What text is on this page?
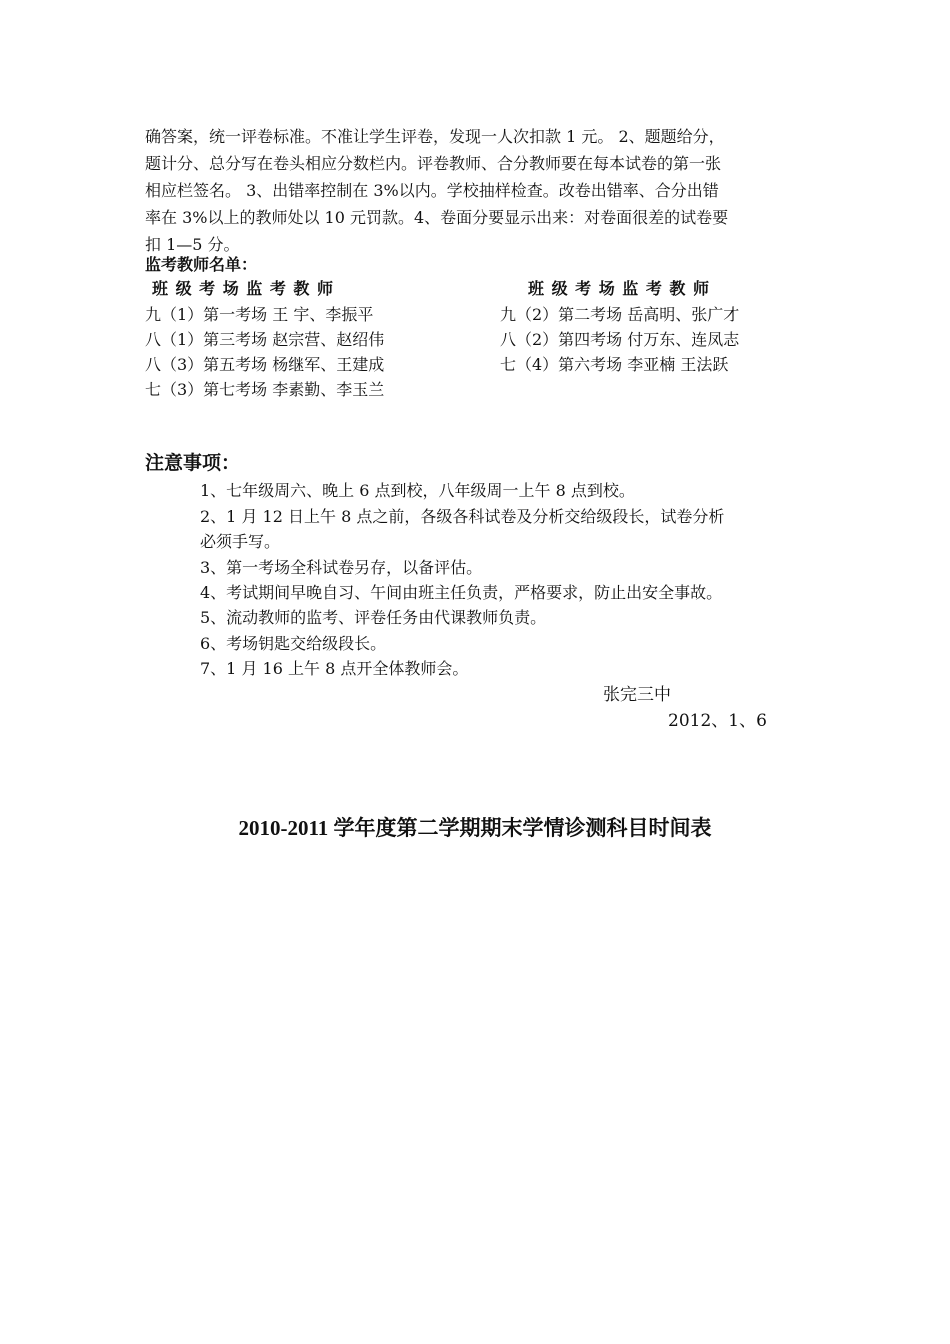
确答案，统一评卷标准。不准让学生评卷，发现一人次扣款 1 元。 2、题题给分，
题计分、总分写在卷头相应分数栏内。评卷教师、合分教师要在每本试卷的第一张
相应栏签名。 3、出错率控制在 3%以内。学校抽样检查。改卷出错率、合分出错
率在 3%以上的教师处以 10 元罚款。4、卷面分要显示出来：对卷面很差的试卷要
扣 1—5 分。
监考教师名单：
班 级 考 场 监 考 教 师	班 级 考 场 监 考 教 师
九（1）第一考场 王 宇、李振平
八（1）第三考场 赵宗营、赵绍伟
八（3）第五考场 杨继军、王建成
七（3）第七考场 李素勤、李玉兰
九（2）第二考场 岳高明、张广才
八（2）第四考场 付万东、连凤志
七（4）第六考场 李亚楠 王法跃
注意事项：
1、七年级周六、晚上 6 点到校，八年级周一上午 8 点到校。
2、1 月 12 日上午 8 点之前，各级各科试卷及分析交给级段长，试卷分析
必须手写。
3、第一考场全科试卷另存，以备评估。
4、考试期间早晚自习、午间由班主任负责，严格要求，防止出安全事故。
5、流动教师的监考、评卷任务由代课教师负责。
6、考场钥匙交给级段长。
7、1 月 16 上午 8 点开全体教师会。
张完三中
2012、1、6
2010-2011 学年度第二学期期末学情诊测科目时间表
